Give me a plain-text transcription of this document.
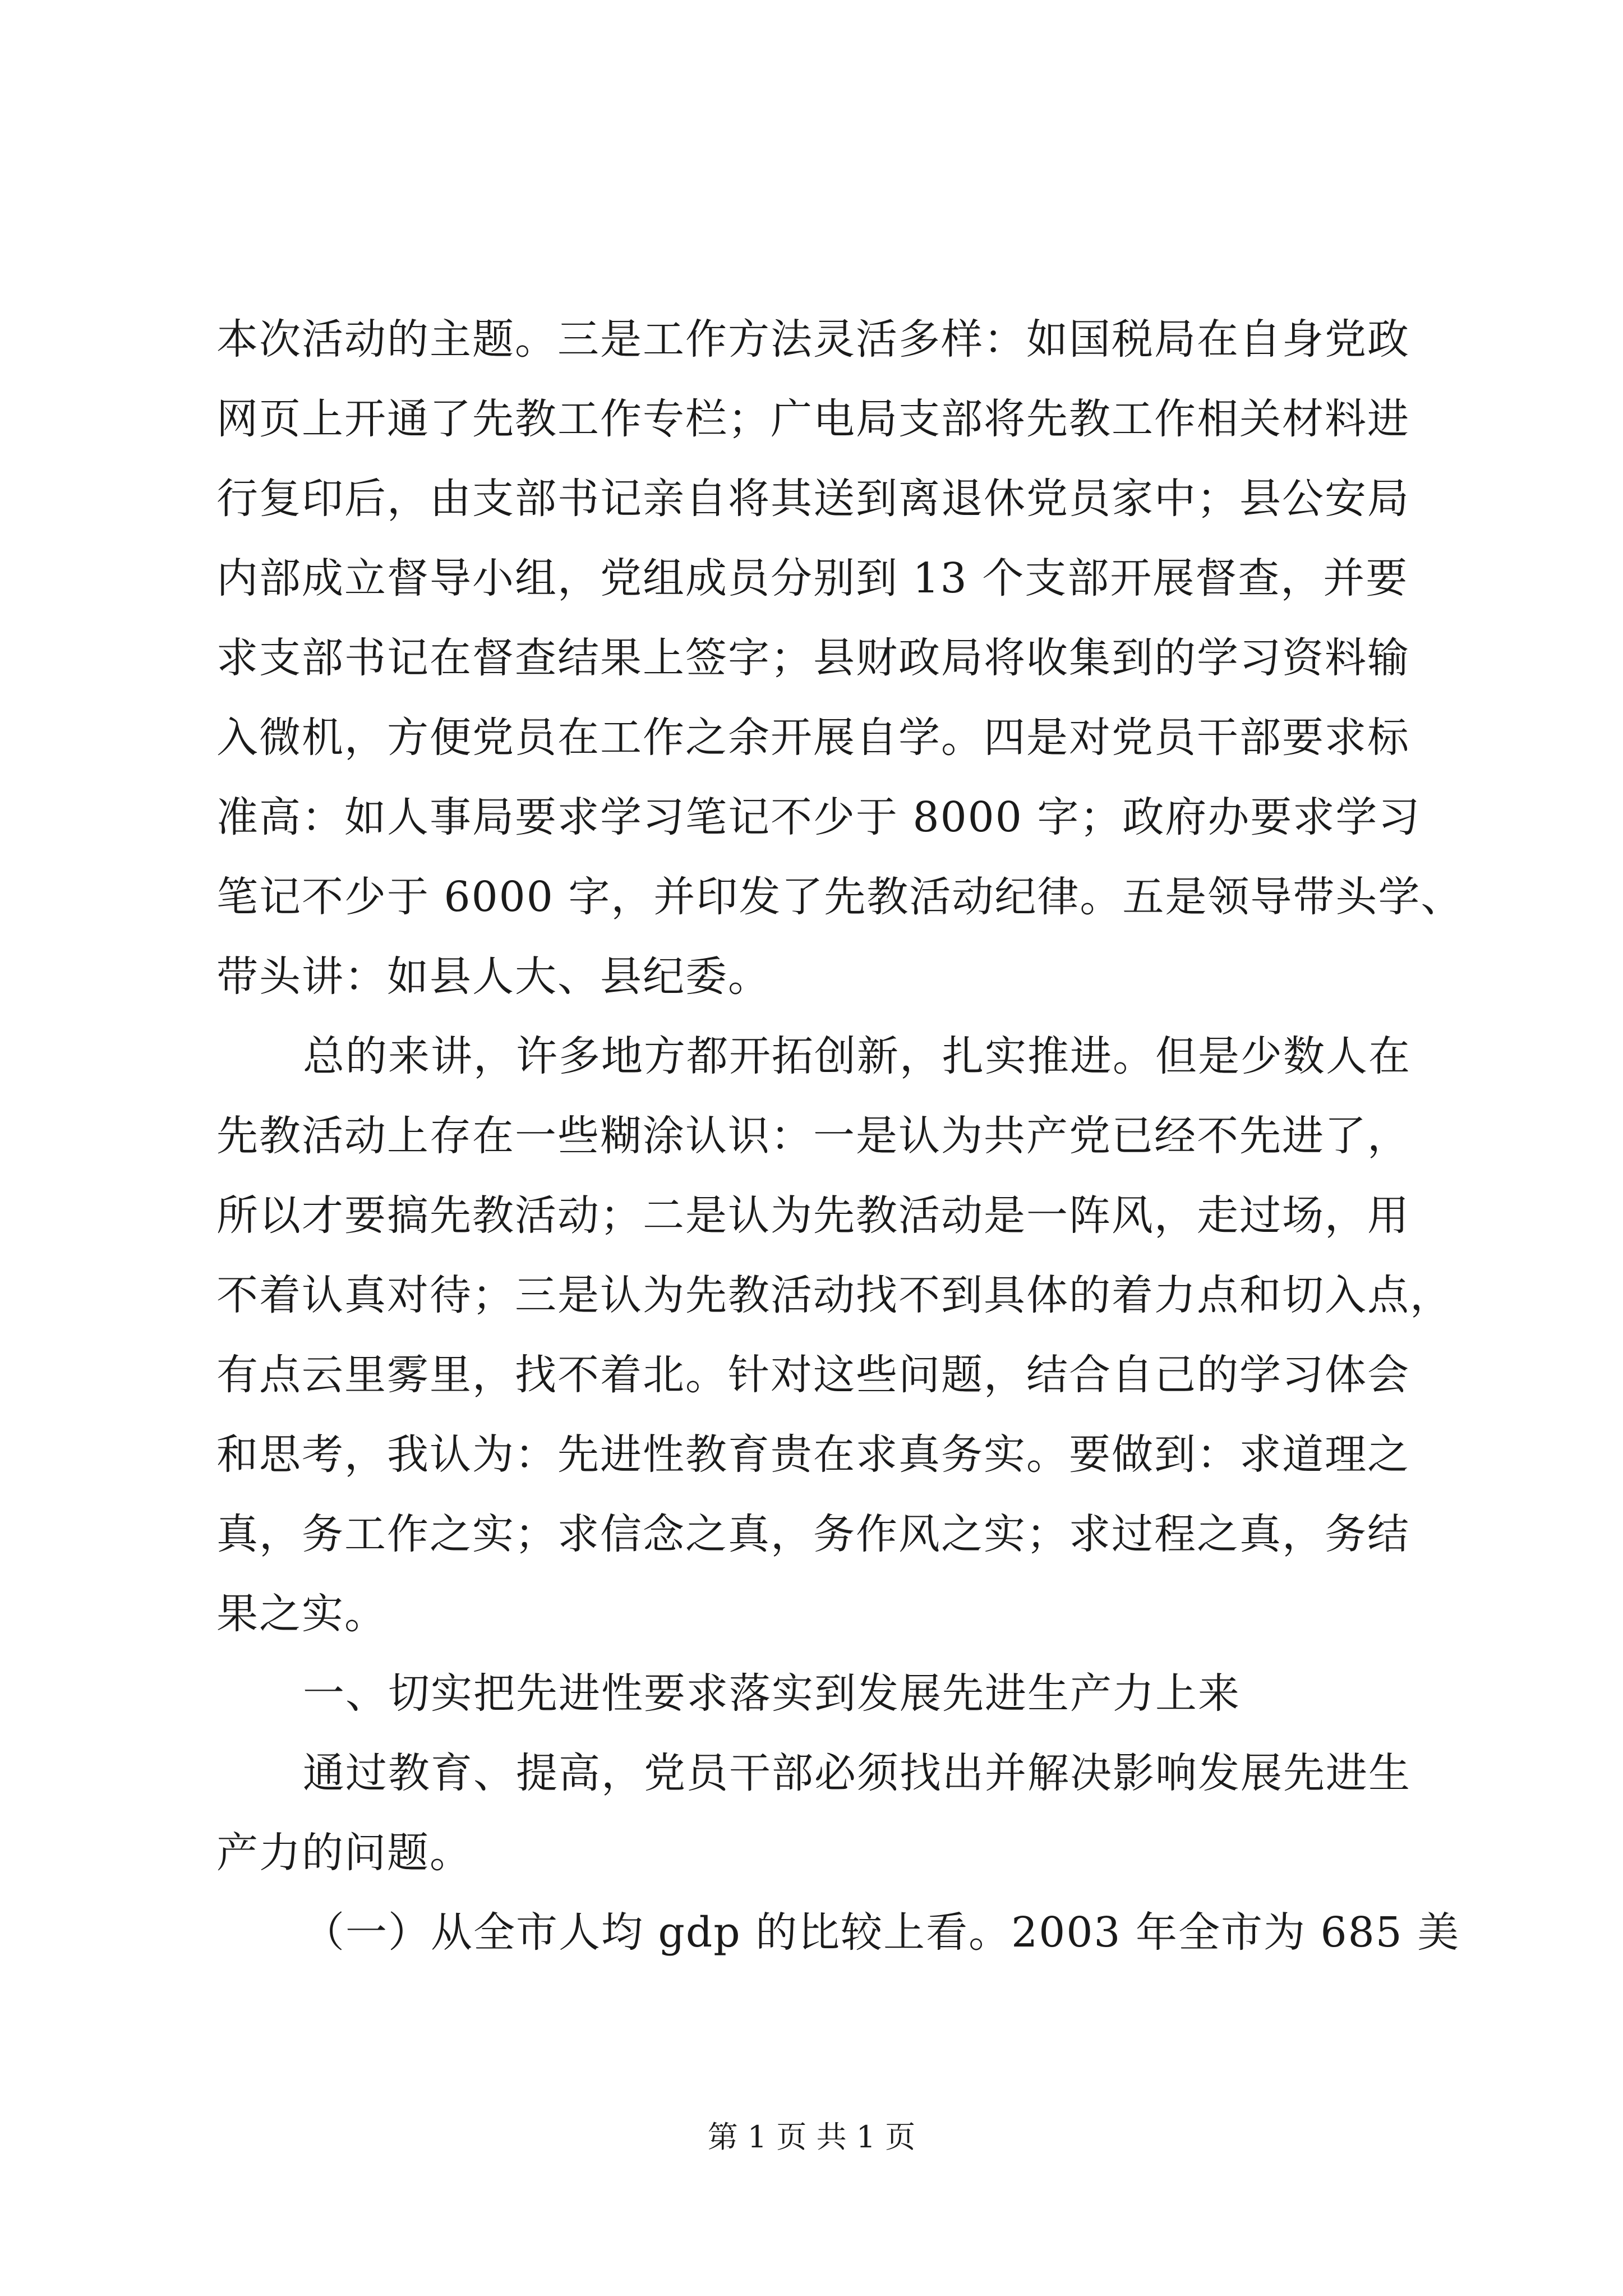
本次活动的主题。三是工作方法灵活多样：如国税局在自身党政
网页上开通了先教工作专栏；广电局支部将先教工作相关材料进
行复印后，由支部书记亲自将其送到离退休党员家中；县公安局
内部成立督导小组，党组成员分别到 13 个支部开展督查，并要
求支部书记在督查结果上签字；县财政局将收集到的学习资料输
入微机，方便党员在工作之余开展自学。四是对党员干部要求标
准高：如人事局要求学习笔记不少于 8000 字；政府办要求学习
笔记不少于 6000 字，并印发了先教活动纪律。五是领导带头学、
带头讲：如县人大、县纪委。
总的来讲，许多地方都开拓创新，扎实推进。但是少数人在
先教活动上存在一些糊涂认识：一是认为共产党已经不先进了，
所以才要搞先教活动；二是认为先教活动是一阵风，走过场，用
不着认真对待；三是认为先教活动找不到具体的着力点和切入点，
有点云里雾里，找不着北。针对这些问题，结合自己的学习体会
和思考，我认为：先进性教育贵在求真务实。要做到：求道理之
真，务工作之实；求信念之真，务作风之实；求过程之真，务结
果之实。
一、切实把先进性要求落实到发展先进生产力上来
通过教育、提高，党员干部必须找出并解决影响发展先进生
产力的问题。
（一）从全市人均 gdp 的比较上看。2003 年全市为 685 美
第 1 页 共 1 页
